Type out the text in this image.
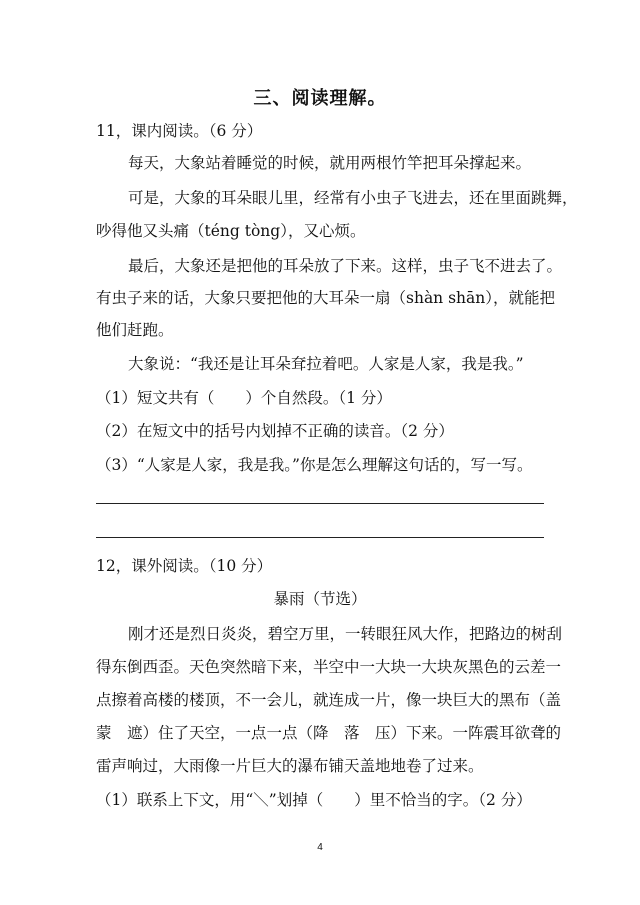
三、阅读理解。
11，课内阅读。（6 分）
每天，大象站着睡觉的时候，就用两根竹竿把耳朵撑起来。
可是，大象的耳朵眼儿里，经常有小虫子飞进去，还在里面跳舞，
吵得他又头痛（téng tòng），又心烦。
最后，大象还是把他的耳朵放了下来。这样，虫子飞不进去了。
有虫子来的话，大象只要把他的大耳朵一扇（shàn shān），就能把
他们赶跑。
大象说：“我还是让耳朵耷拉着吧。人家是人家，我是我。”
（1）短文共有（　　）个自然段。（1 分）
（2）在短文中的括号内划掉不正确的读音。（2 分）
（3）“人家是人家，我是我。”你是怎么理解这句话的，写一写。
12，课外阅读。（10 分）
暴雨（节选）
刚才还是烈日炎炎，碧空万里，一转眼狂风大作，把路边的树刮
得东倒西歪。天色突然暗下来，半空中一大块一大块灰黑色的云差一
点擦着高楼的楼顶，不一会儿，就连成一片，像一块巨大的黑布（盖
蒙　遮）住了天空，一点一点（降　落　压）下来。一阵震耳欲聋的
雷声响过，大雨像一片巨大的瀑布铺天盖地地卷了过来。
（1）联系上下文，用“＼”划掉（　　）里不恰当的字。（2 分）
4
